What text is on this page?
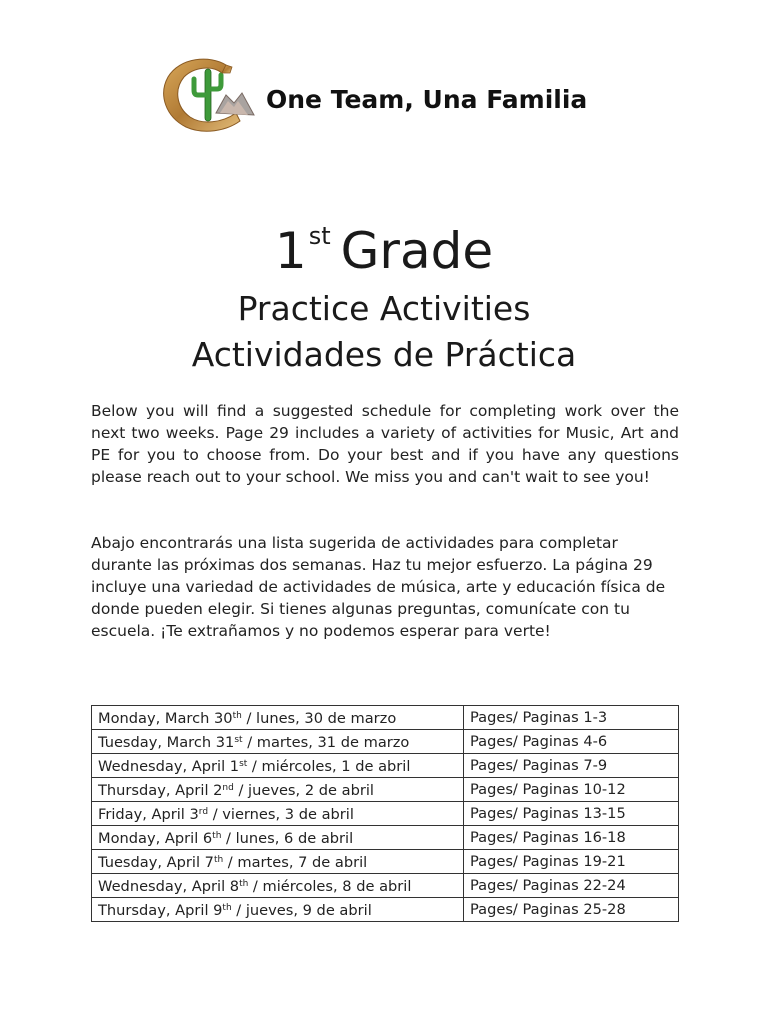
One Team, Una Familia
1st Grade
Practice Activities
Actividades de Práctica
Below you will find a suggested schedule for completing work over the next two weeks. Page 29 includes a variety of activities for Music, Art and PE for you to choose from. Do your best and if you have any questions please reach out to your school. We miss you and can't wait to see you!
Abajo encontrarás una lista sugerida de actividades para completar durante las próximas dos semanas. Haz tu mejor esfuerzo. La página 29 incluye una variedad de actividades de música, arte y educación física de donde pueden elegir. Si tienes algunas preguntas, comunícate con tu escuela. ¡Te extrañamos y no podemos esperar para verte!
Monday, March 30th / lunes, 30 de marzo	Pages/ Paginas 1-3
Tuesday, March 31st / martes, 31 de marzo	Pages/ Paginas 4-6
Wednesday, April 1st / miércoles, 1 de abril	Pages/ Paginas 7-9
Thursday, April 2nd / jueves, 2 de abril	Pages/ Paginas 10-12
Friday, April 3rd / viernes, 3 de abril	Pages/ Paginas 13-15
Monday, April 6th / lunes, 6 de abril	Pages/ Paginas 16-18
Tuesday, April 7th / martes, 7 de abril	Pages/ Paginas 19-21
Wednesday, April 8th / miércoles, 8 de abril	Pages/ Paginas 22-24
Thursday, April 9th / jueves, 9 de abril	Pages/ Paginas 25-28
